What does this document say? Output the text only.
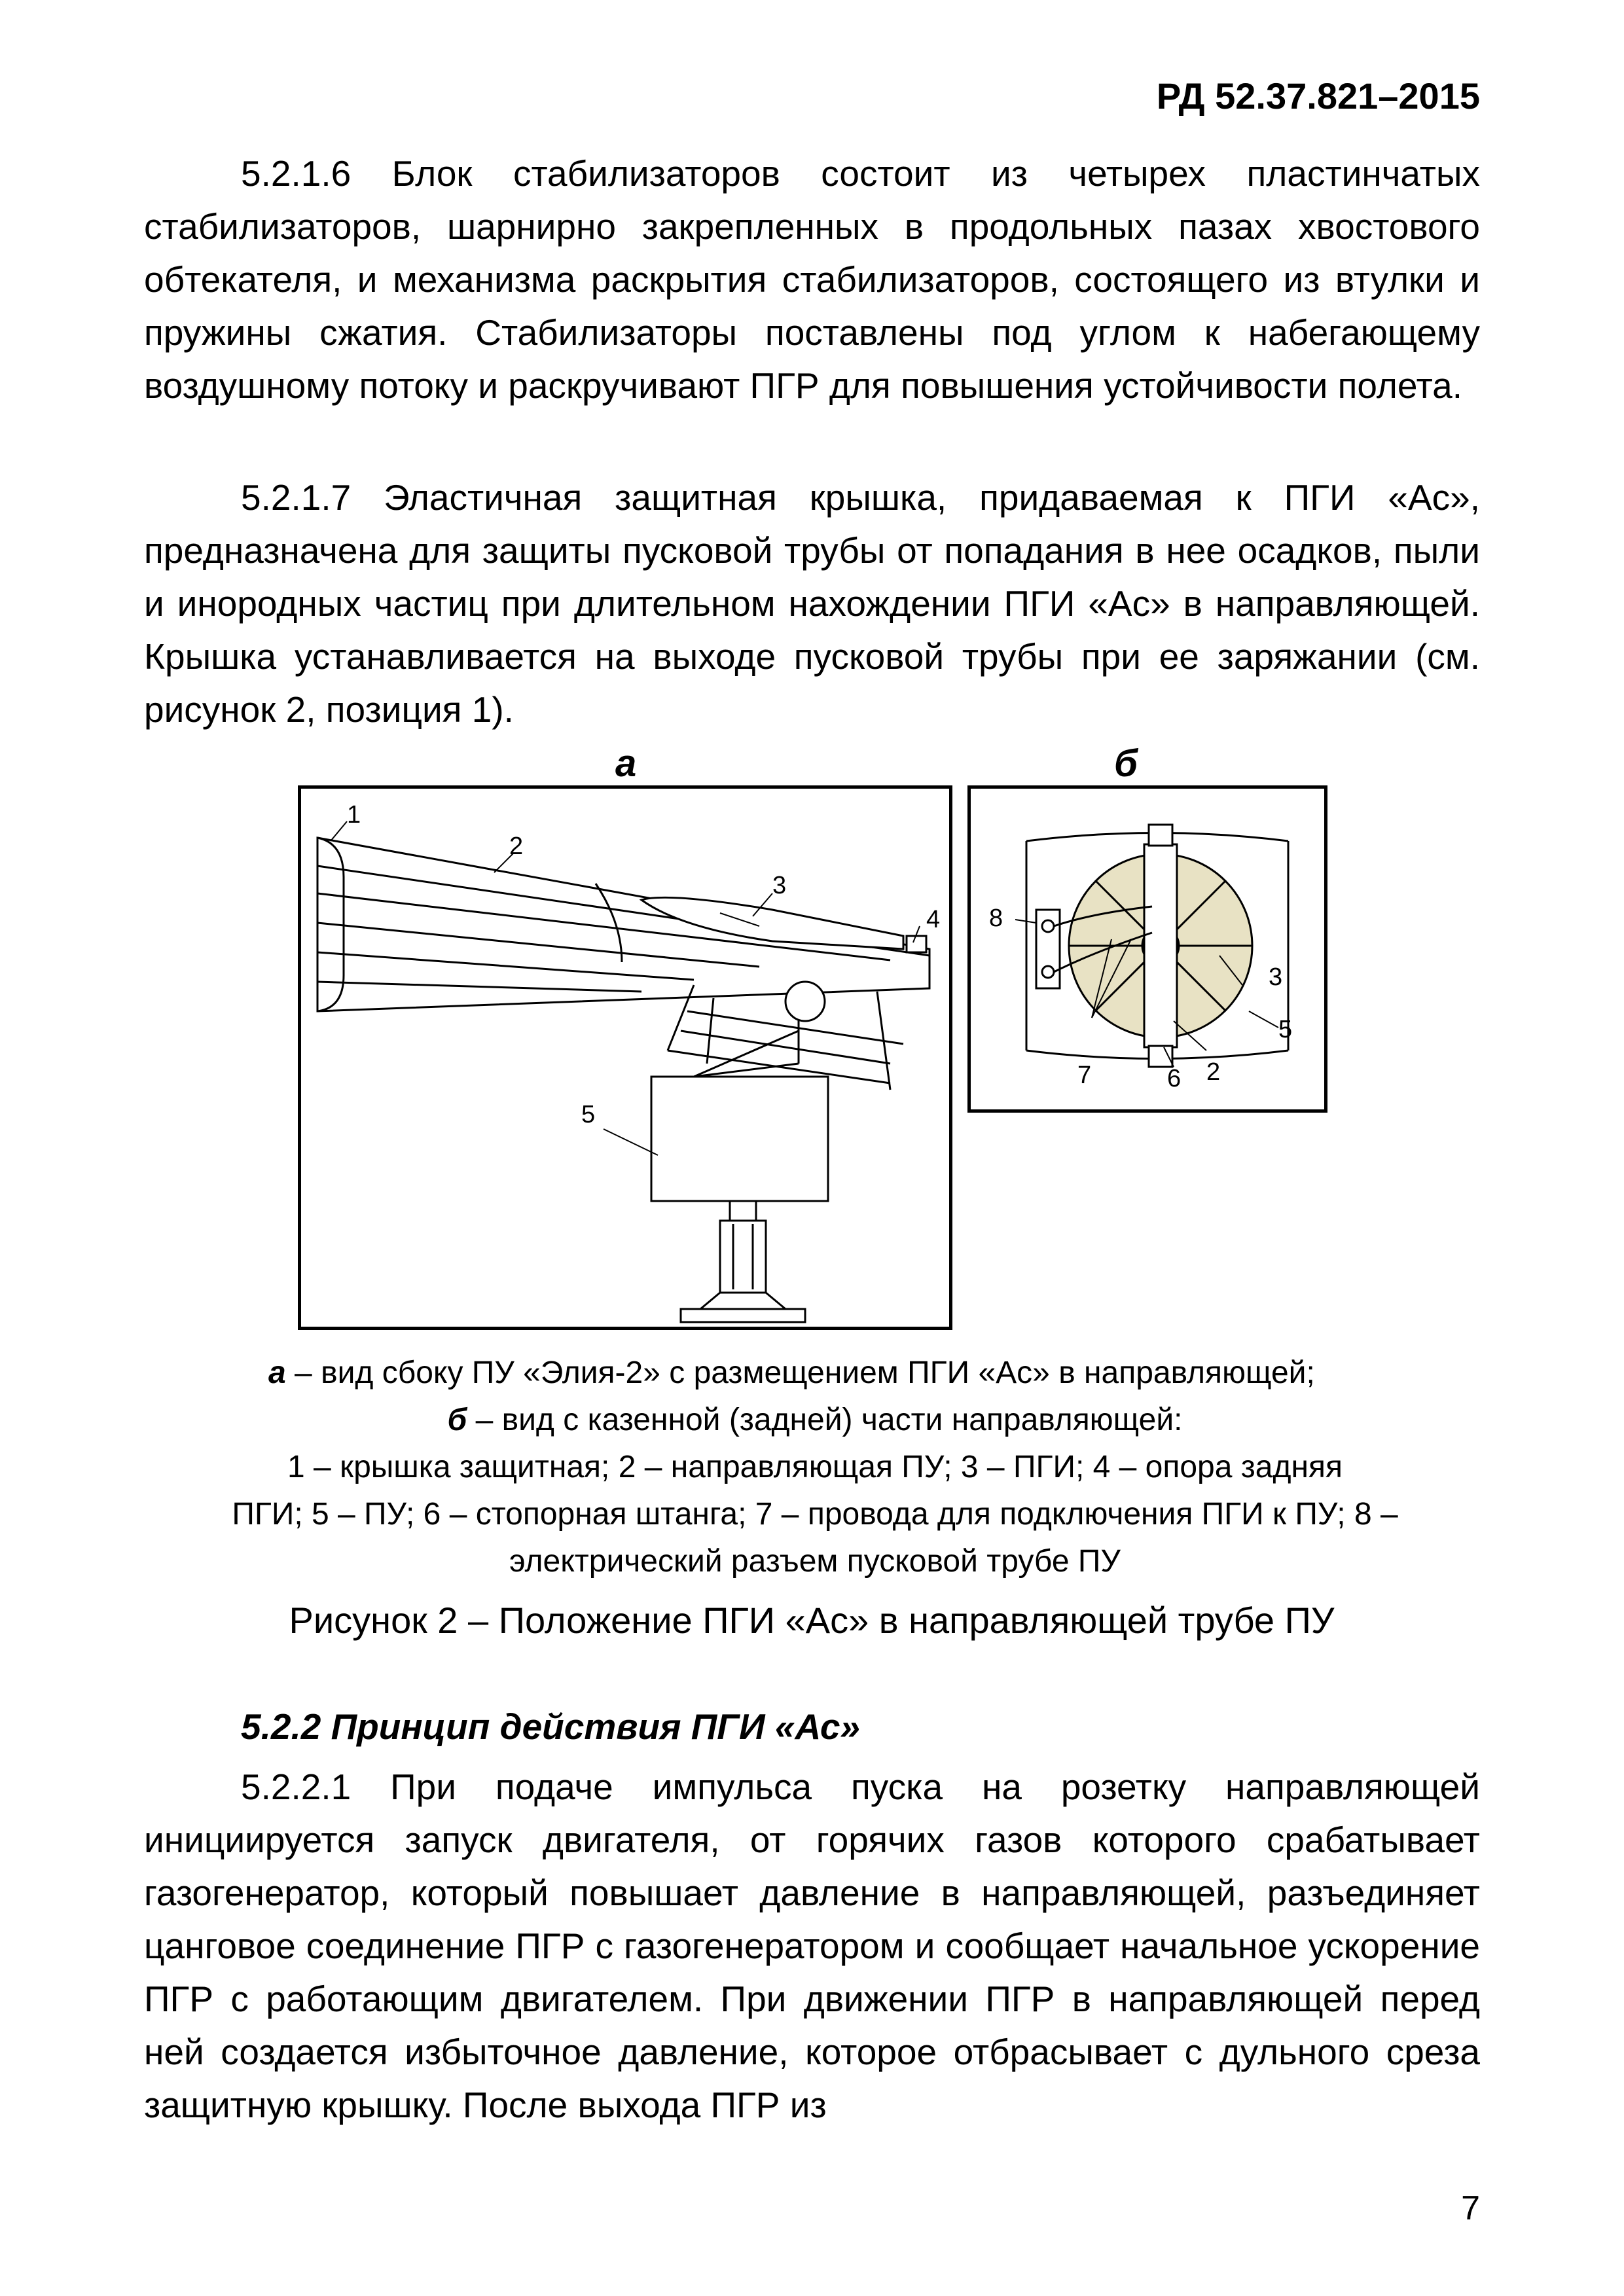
РД 52.37.821–2015
5.2.1.6 Блок стабилизаторов состоит из четырех пластинчатых стабилизаторов, шарнирно закрепленных в продольных пазах хвостового обтекателя, и механизма раскрытия стабилизаторов, состоящего из втулки и пружины сжатия. Стабилизаторы поставлены под углом к набегающему воздушному потоку и раскручивают ПГР для повышения устойчивости полета.
5.2.1.7 Эластичная защитная крышка, придаваемая к ПГИ «Ас», предназначена для защиты пусковой трубы от попадания в нее осадков, пыли и инородных частиц при длительном нахождении ПГИ «Ас» в направляющей. Крышка устанавливается на выходе пусковой трубы при ее заряжании (см. рисунок 2, позиция 1).
а	б
1
2
3
4
5
8
3
5
7	6 2
а – вид сбоку ПУ «Элия-2» с размещением ПГИ «Ас» в направляющей;
б – вид с казенной (задней) части направляющей:
1 – крышка защитная; 2 – направляющая ПУ; 3 – ПГИ; 4 – опора задняя
ПГИ; 5 – ПУ; 6 – стопорная штанга; 7 – провода для подключения ПГИ к ПУ; 8 –
электрический разъем пусковой трубе ПУ
Рисунок 2 – Положение ПГИ «Ас» в направляющей трубе ПУ
5.2.2 Принцип действия ПГИ «Ас»
5.2.2.1 При подаче импульса пуска на розетку направляющей инициируется запуск двигателя, от горячих газов которого срабатывает газогенератор, который повышает давление в направляющей, разъединяет цанговое соединение ПГР с газогенератором и сообщает начальное ускорение ПГР с работающим двигателем. При движении ПГР в направляющей перед ней создается избыточное давление, которое отбрасывает с дульного среза защитную крышку. После выхода ПГР из
7
